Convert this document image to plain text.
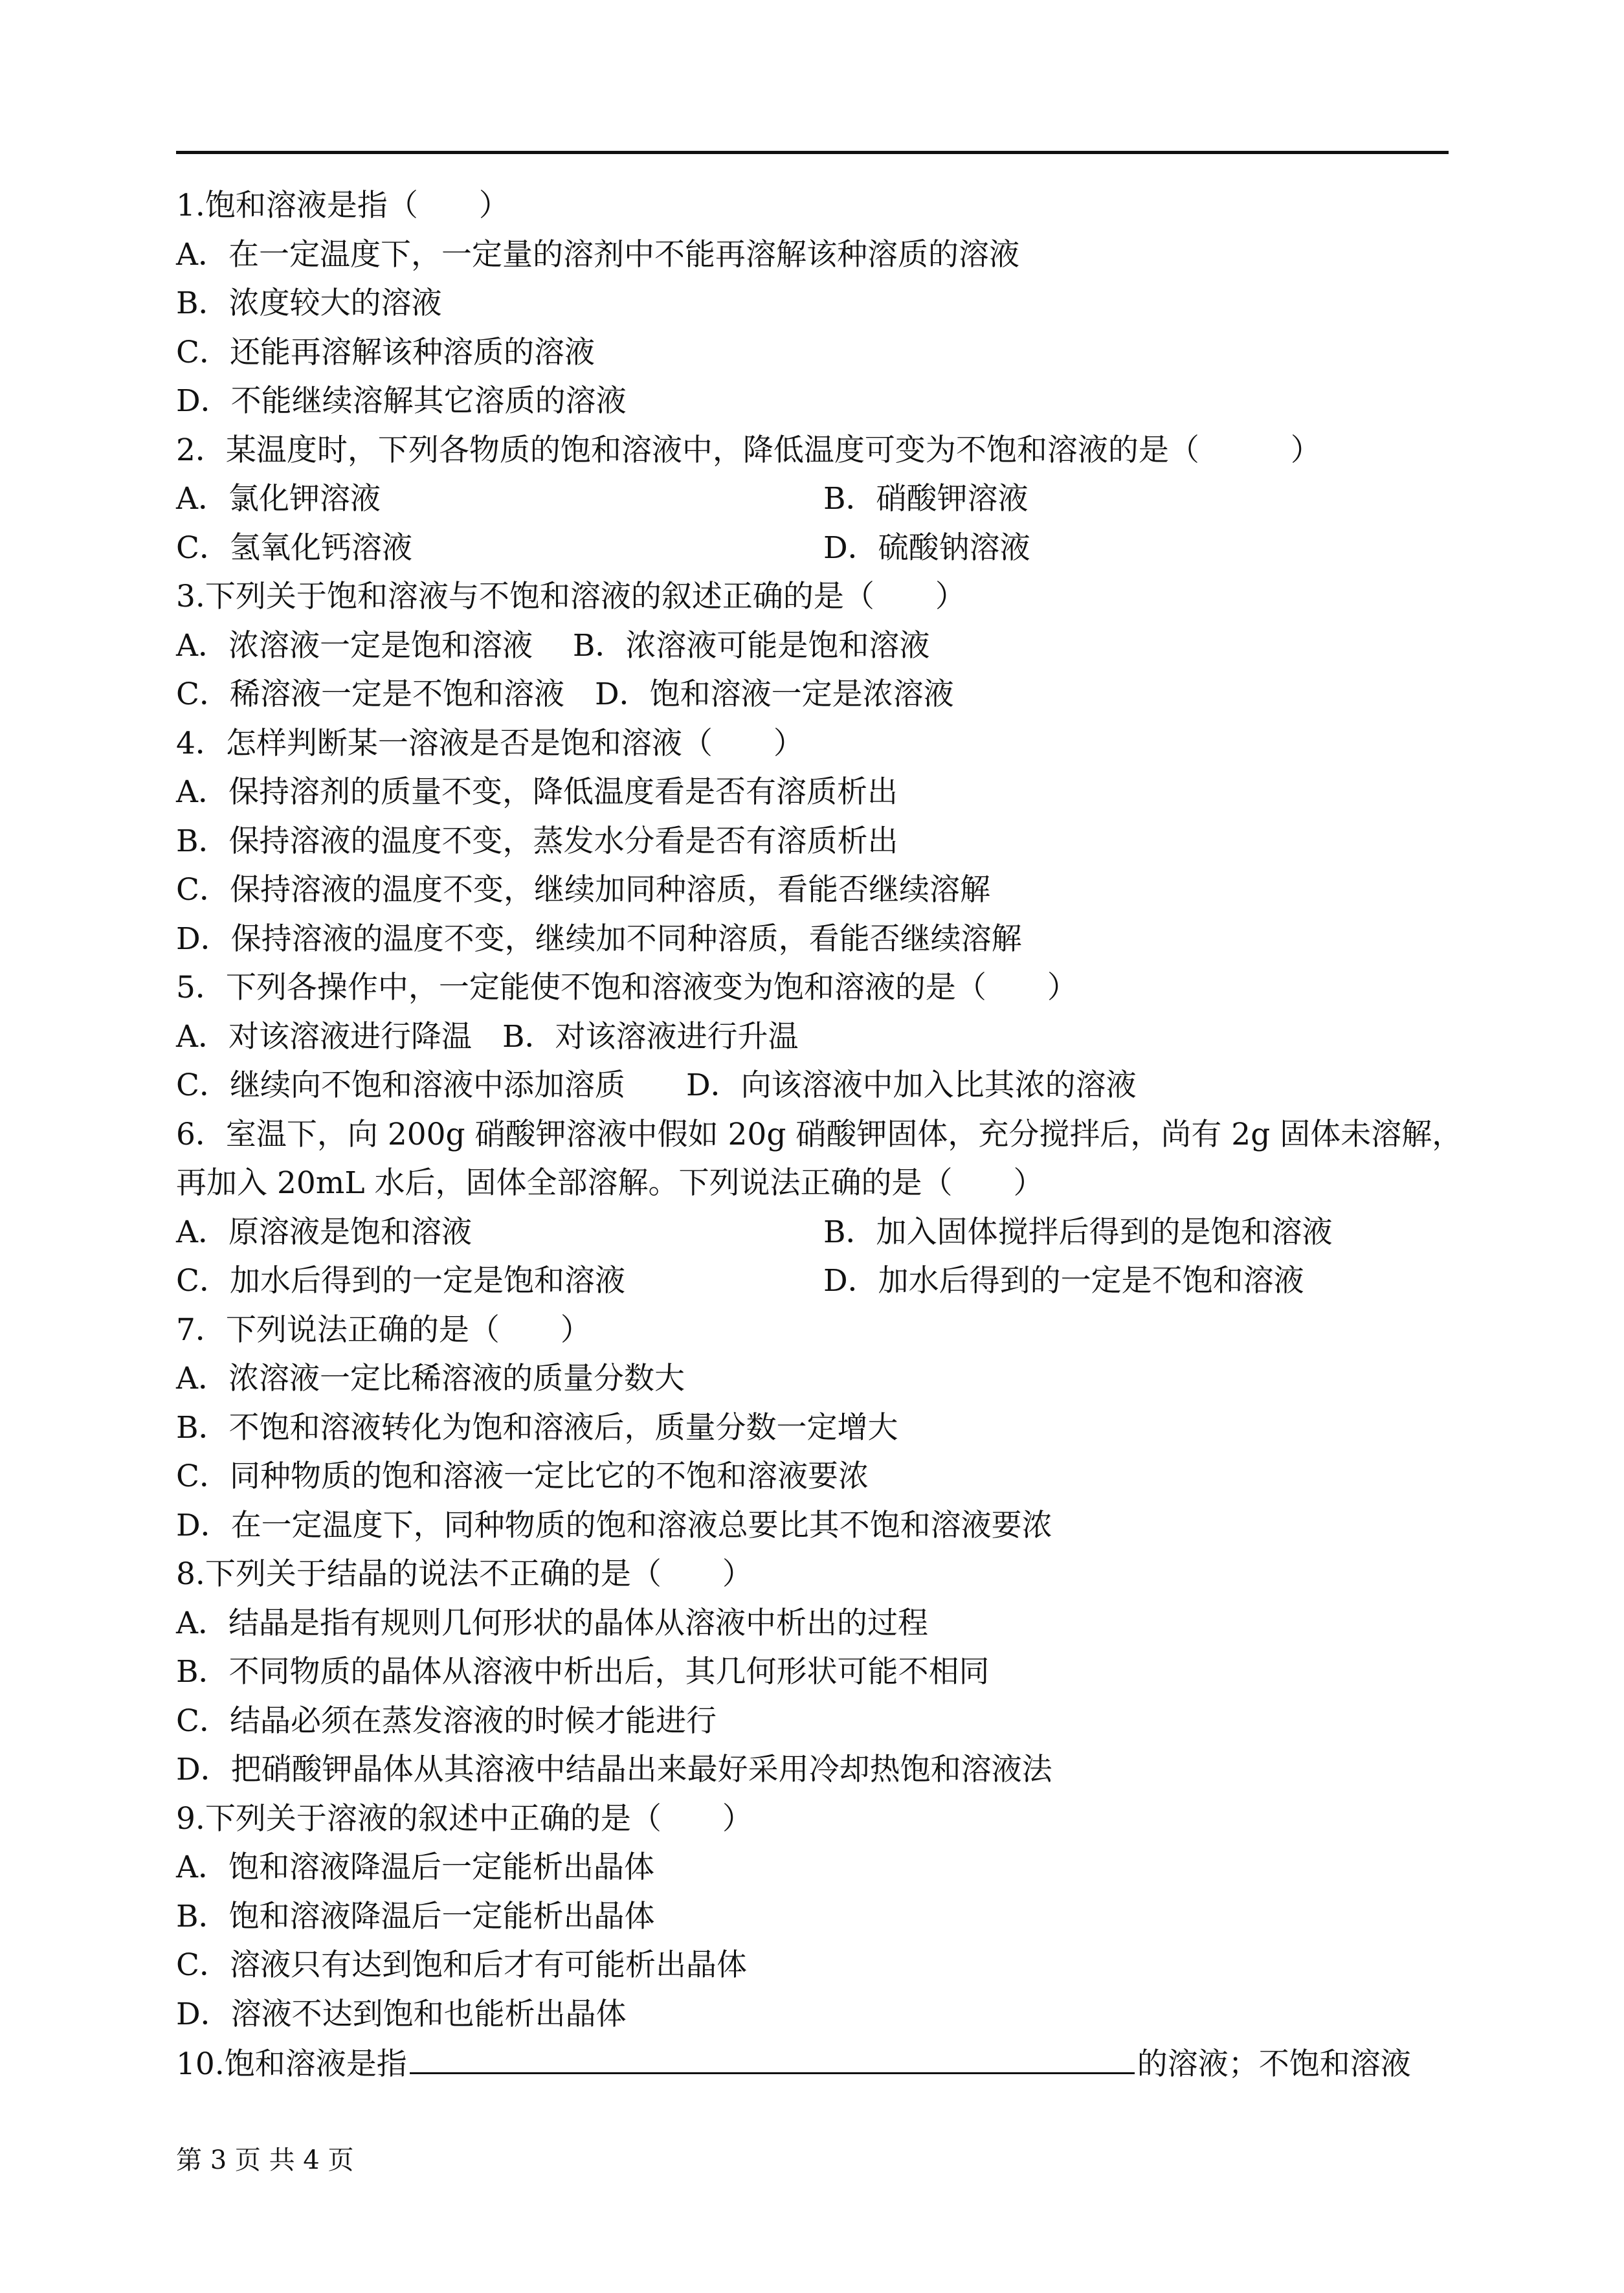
1.饱和溶液是指（　　）
A．在一定温度下，一定量的溶剂中不能再溶解该种溶质的溶液
B．浓度较大的溶液
C．还能再溶解该种溶质的溶液
D．不能继续溶解其它溶质的溶液
2．某温度时，下列各物质的饱和溶液中，降低温度可变为不饱和溶液的是（　　　）
A．氯化钾溶液	B．硝酸钾溶液
C．氢氧化钙溶液	D．硫酸钠溶液
3.下列关于饱和溶液与不饱和溶液的叙述正确的是（　　）
A．浓溶液一定是饱和溶液　 B．浓溶液可能是饱和溶液
C．稀溶液一定是不饱和溶液　D．饱和溶液一定是浓溶液
4．怎样判断某一溶液是否是饱和溶液（　　）
A．保持溶剂的质量不变，降低温度看是否有溶质析出
B．保持溶液的温度不变，蒸发水分看是否有溶质析出
C．保持溶液的温度不变，继续加同种溶质，看能否继续溶解
D．保持溶液的温度不变，继续加不同种溶质，看能否继续溶解
5．下列各操作中，一定能使不饱和溶液变为饱和溶液的是（　　）
A．对该溶液进行降温　B．对该溶液进行升温
C．继续向不饱和溶液中添加溶质　　D．向该溶液中加入比其浓的溶液
6．室温下，向 200g 硝酸钾溶液中假如 20g 硝酸钾固体，充分搅拌后，尚有 2g 固体未溶解，再加入 20mL 水后，固体全部溶解。下列说法正确的是（　　）
A．原溶液是饱和溶液	B．加入固体搅拌后得到的是饱和溶液
C．加水后得到的一定是饱和溶液	D．加水后得到的一定是不饱和溶液
7．下列说法正确的是（　　）
A．浓溶液一定比稀溶液的质量分数大
B．不饱和溶液转化为饱和溶液后，质量分数一定增大
C．同种物质的饱和溶液一定比它的不饱和溶液要浓
D．在一定温度下，同种物质的饱和溶液总要比其不饱和溶液要浓
8.下列关于结晶的说法不正确的是（　　）
A．结晶是指有规则几何形状的晶体从溶液中析出的过程
B．不同物质的晶体从溶液中析出后，其几何形状可能不相同
C．结晶必须在蒸发溶液的时候才能进行
D．把硝酸钾晶体从其溶液中结晶出来最好采用冷却热饱和溶液法
9.下列关于溶液的叙述中正确的是（　　）
A．饱和溶液降温后一定能析出晶体
B．饱和溶液降温后一定能析出晶体
C．溶液只有达到饱和后才有可能析出晶体
D．溶液不达到饱和也能析出晶体
10.饱和溶液是指	的溶液；不饱和溶液
第 3 页 共 4 页
